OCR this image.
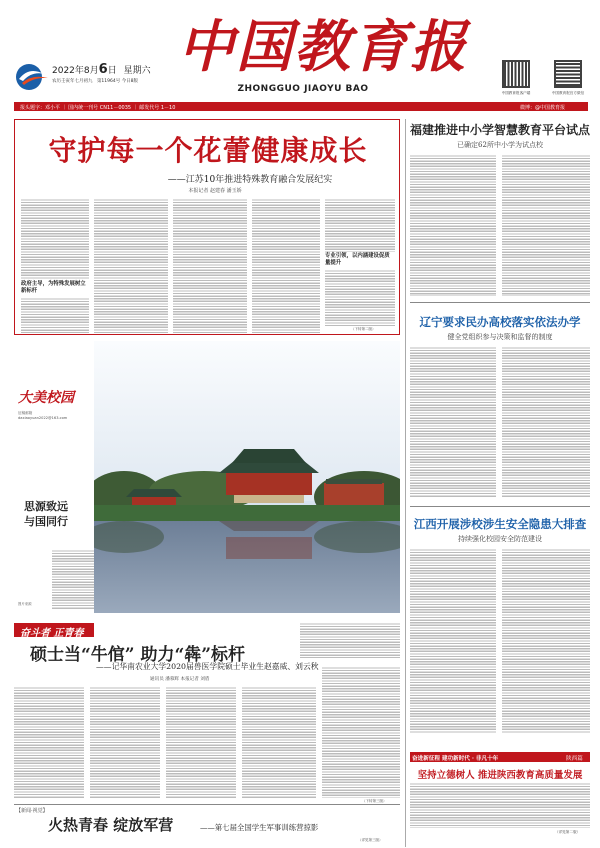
2022年8月6日 星期六
农历壬寅年七月初九 第11964号 今日8版
中国教育报
ZHONGGUO JIAOYU BAO	中国教育报客户端	中国教育报官方微信
报头题字：邓小平 ｜ 国内统一刊号 CN11－0035 ｜ 邮发代号 1－10	微博：@中国教育报
守护每一个花蕾健康成长
——江苏10年推进特殊教育融合发展纪实
本报记者 赵建春 潘玉娇
政府主导，为特殊发展树立新标杆
专业引领，以内涵建设促质量提升
（下转第二版）
福建推进中小学智慧教育平台试点
已确定62所中小学为试点校
辽宁要求民办高校落实依法办学
健全党组织参与决策和监督的制度
江西开展涉校涉生安全隐患大排查
持续强化校园安全防范建设
奋进新征程 建功新时代 · 非凡十年	陕西篇
坚持立德树人 推进陕西教育高质量发展
（详见第二版）
大美校园
征稿邮箱
daxiaoyuan2022@163.com
思源致远
与国同行
图片来源
奋斗者 正青春
硕士当“牛倌” 助力“犇”标杆
——记华南农业大学2020届兽医学院硕士毕业生赵嘉威、刘云秋
通讯员 潘慕辉 本报记者 刘盾
（下转第三版）
【新闻·视觉】
火热青春 绽放军营	——第七届全国学生军事训练营掠影
（详见第三版）
